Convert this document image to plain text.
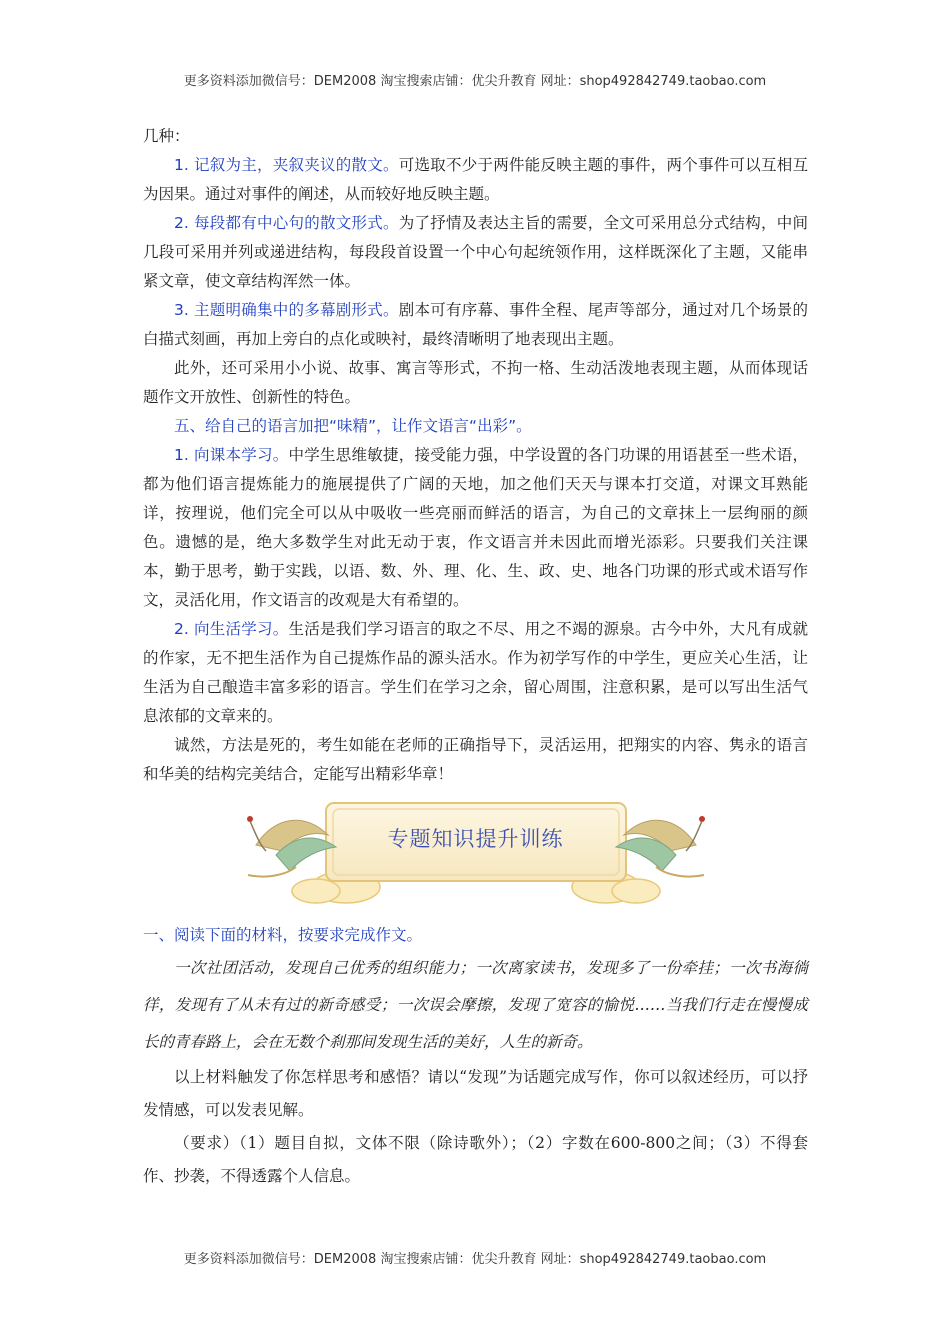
更多资料添加微信号：DEM2008 淘宝搜索店铺：优尖升教育 网址：shop492842749.taobao.com

几种：

1. 记叙为主，夹叙夹议的散文。可选取不少于两件能反映主题的事件，两个事件可以互相互为因果。通过对事件的阐述，从而较好地反映主题。

2. 每段都有中心句的散文形式。为了抒情及表达主旨的需要，全文可采用总分式结构，中间几段可采用并列或递进结构，每段段首设置一个中心句起统领作用，这样既深化了主题，又能串紧文章，使文章结构浑然一体。

3. 主题明确集中的多幕剧形式。剧本可有序幕、事件全程、尾声等部分，通过对几个场景的白描式刻画，再加上旁白的点化或映衬，最终清晰明了地表现出主题。

此外，还可采用小小说、故事、寓言等形式，不拘一格、生动活泼地表现主题，从而体现话题作文开放性、创新性的特色。

五、给自己的语言加把“味精”，让作文语言“出彩”。

1. 向课本学习。中学生思维敏捷，接受能力强，中学设置的各门功课的用语甚至一些术语，都为他们语言提炼能力的施展提供了广阔的天地，加之他们天天与课本打交道，对课文耳熟能详，按理说，他们完全可以从中吸收一些亮丽而鲜活的语言，为自己的文章抹上一层绚丽的颜色。遗憾的是，绝大多数学生对此无动于衷，作文语言并未因此而增光添彩。只要我们关注课本，勤于思考，勤于实践，以语、数、外、理、化、生、政、史、地各门功课的形式或术语写作文，灵活化用，作文语言的改观是大有希望的。

2. 向生活学习。生活是我们学习语言的取之不尽、用之不竭的源泉。古今中外，大凡有成就的作家，无不把生活作为自己提炼作品的源头活水。作为初学写作的中学生，更应关心生活，让生活为自己酿造丰富多彩的语言。学生们在学习之余，留心周围，注意积累，是可以写出生活气息浓郁的文章来的。

诚然，方法是死的，考生如能在老师的正确指导下，灵活运用，把翔实的内容、隽永的语言和华美的结构完美结合，定能写出精彩华章！

专题知识提升训练

一、阅读下面的材料，按要求完成作文。

一次社团活动，发现自己优秀的组织能力；一次离家读书，发现多了一份牵挂；一次书海徜徉，发现有了从未有过的新奇感受；一次误会摩擦，发现了宽容的愉悦……当我们行走在慢慢成长的青春路上，会在无数个刹那间发现生活的美好，人生的新奇。

以上材料触发了你怎样思考和感悟？请以“发现”为话题完成写作，你可以叙述经历，可以抒发情感，可以发表见解。

（要求）（1）题目自拟，文体不限（除诗歌外）；（2）字数在600-800之间；（3）不得套作、抄袭，不得透露个人信息。

更多资料添加微信号：DEM2008 淘宝搜索店铺：优尖升教育 网址：shop492842749.taobao.com
